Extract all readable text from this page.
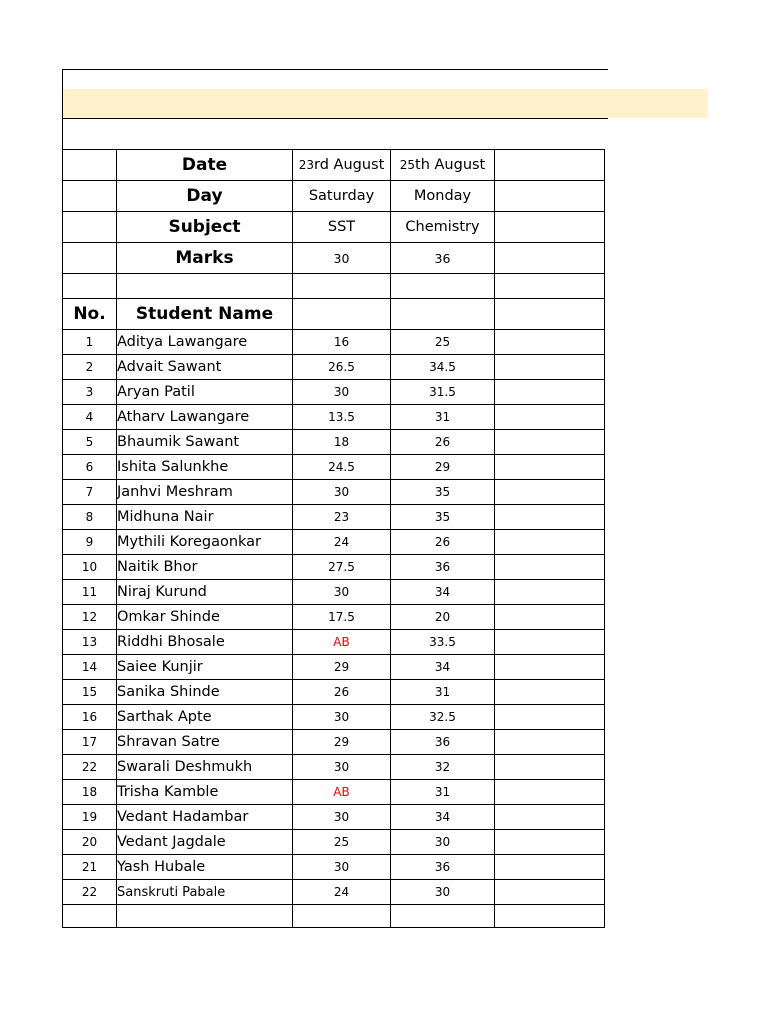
	Date	23rd August	25th August	
	Day	Saturday	Monday	
	Subject	SST	Chemistry	
	Marks	30	36	

No.	Student Name			
1	Aditya Lawangare	16	25	
2	Advait Sawant	26.5	34.5	
3	Aryan Patil	30	31.5	
4	Atharv Lawangare	13.5	31	
5	Bhaumik Sawant	18	26	
6	Ishita Salunkhe	24.5	29	
7	Janhvi Meshram	30	35	
8	Midhuna Nair	23	35	
9	Mythili Koregaonkar	24	26	
10	Naitik Bhor	27.5	36	
11	Niraj Kurund	30	34	
12	Omkar Shinde	17.5	20	
13	Riddhi Bhosale	AB	33.5	
14	Saiee Kunjir	29	34	
15	Sanika Shinde	26	31	
16	Sarthak Apte	30	32.5	
17	Shravan Satre	29	36	
22	Swarali Deshmukh	30	32	
18	Trisha Kamble	AB	31	
19	Vedant Hadambar	30	34	
20	Vedant Jagdale	25	30	
21	Yash Hubale	30	36	
22	Sanskruti Pabale	24	30	
